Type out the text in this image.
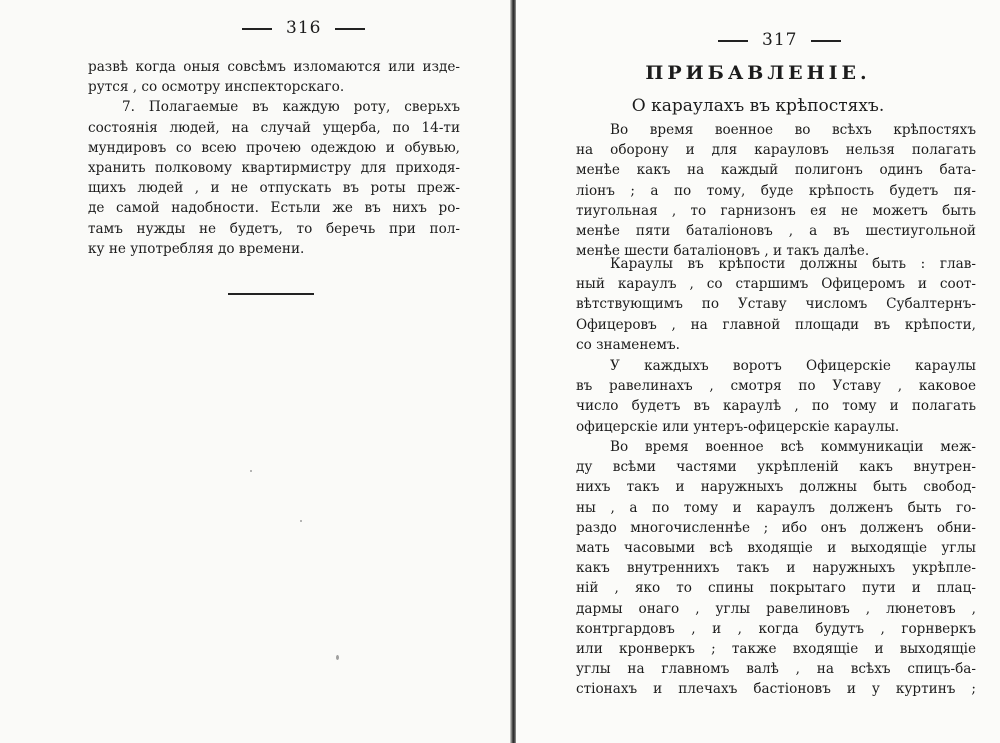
316
развѣ когда оныя совсѣмъ изломаются или изде-
рутся , со осмотру инспекторскаго.
7. Полагаемые въ каждую роту, сверьхъ
состоянія людей, на случай ущерба, по 14-ти
мундировъ со всею прочею одеждою и обувью,
хранить полковому квартирмистру для приходя-
щихъ людей , и не отпускать въ роты преж-
де самой надобности. Естьли же въ нихъ ро-
тамъ нужды не будетъ, то беречь при пол-
ку не употребляя до времени.
317
ПРИБАВЛЕНІЕ.
О караулахъ въ крѣпостяхъ.
Во время военное во всѣхъ крѣпостяхъ
на оборону и для карауловъ нельзя полагать
менѣе какъ на каждый полигонъ одинъ бата-
ліонъ ; а по тому, буде крѣпость будетъ пя-
тиугольная , то гарнизонъ ея не можетъ быть
менѣе пяти баталіоновъ , а въ шестиугольной
менѣе шести баталіоновъ , и такъ далѣе.
Караулы въ крѣпости должны быть : глав-
ный караулъ , со старшимъ Офицеромъ и соот-
вѣтствующимъ по Уставу числомъ Субалтернъ-
Офицеровъ , на главной площади въ крѣпости,
со знаменемъ.
У каждыхъ воротъ Офицерскіе караулы
въ равелинахъ , смотря по Уставу , каковое
число будетъ въ караулѣ , по тому и полагать
офицерскіе или унтеръ-офицерскіе караулы.
Во время военное всѣ коммуникаціи меж-
ду всѣми частями укрѣпленій какъ внутрен-
нихъ такъ и наружныхъ должны быть свобод-
ны , а по тому и караулъ долженъ быть го-
раздо многочисленнѣе ; ибо онъ долженъ обни-
мать часовыми всѣ входящіе и выходящіе углы
какъ внутреннихъ такъ и наружныхъ укрѣпле-
ній , яко то спины покрытаго пути и плац-
дармы онаго , углы равелиновъ , люнетовъ ,
контргардовъ , и , когда будутъ , горнверкъ
или кронверкъ ; также входящіе и выходящіе
углы на главномъ валѣ , на всѣхъ спицъ-ба-
стіонахъ и плечахъ бастіоновъ и у куртинъ ;
